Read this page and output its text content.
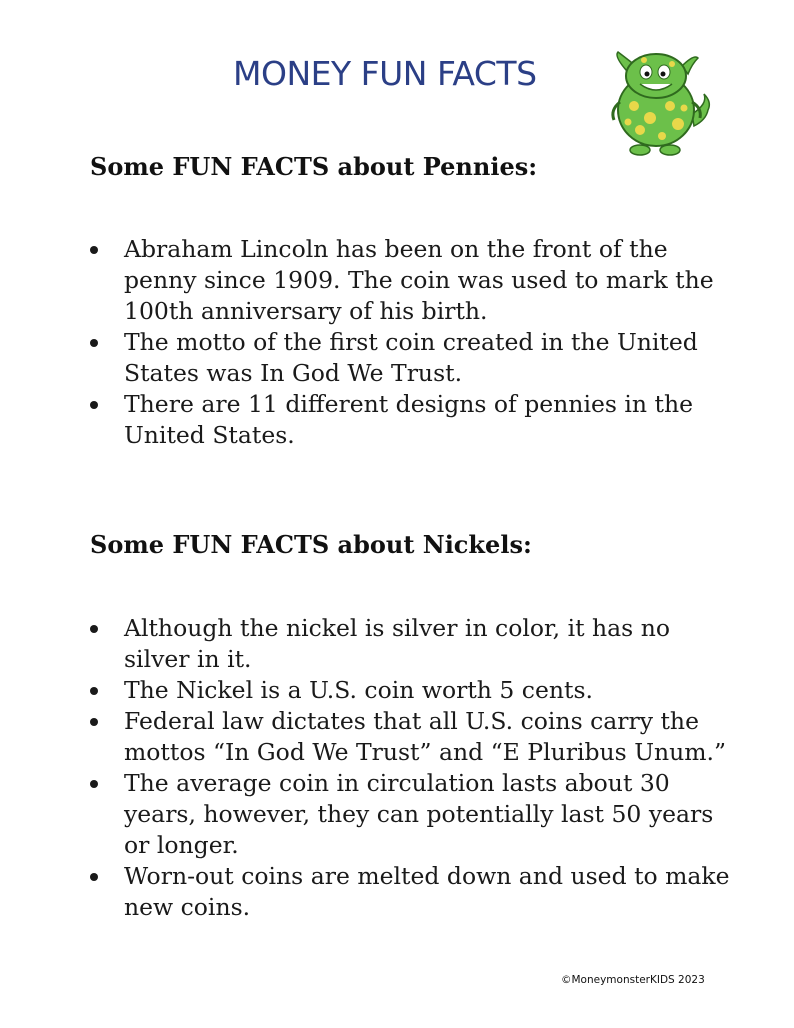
MONEY FUN FACTS
Some FUN FACTS about Pennies:
Abraham Lincoln has been on the front of the penny since 1909. The coin was used to mark the 100th anniversary of his birth.
The motto of the first coin created in the United States was In God We Trust.
There are 11 different designs of pennies in the United States.
Some FUN FACTS about Nickels:
Although the nickel is silver in color, it has no silver in it.
The Nickel is a U.S. coin worth 5 cents.
Federal law dictates that all U.S. coins carry the mottos “In God We Trust” and “E Pluribus Unum.”
The average coin in circulation lasts about 30 years, however, they can potentially last 50 years or longer.
Worn-out coins are melted down and used to make new coins.
©MoneymonsterKIDS 2023
